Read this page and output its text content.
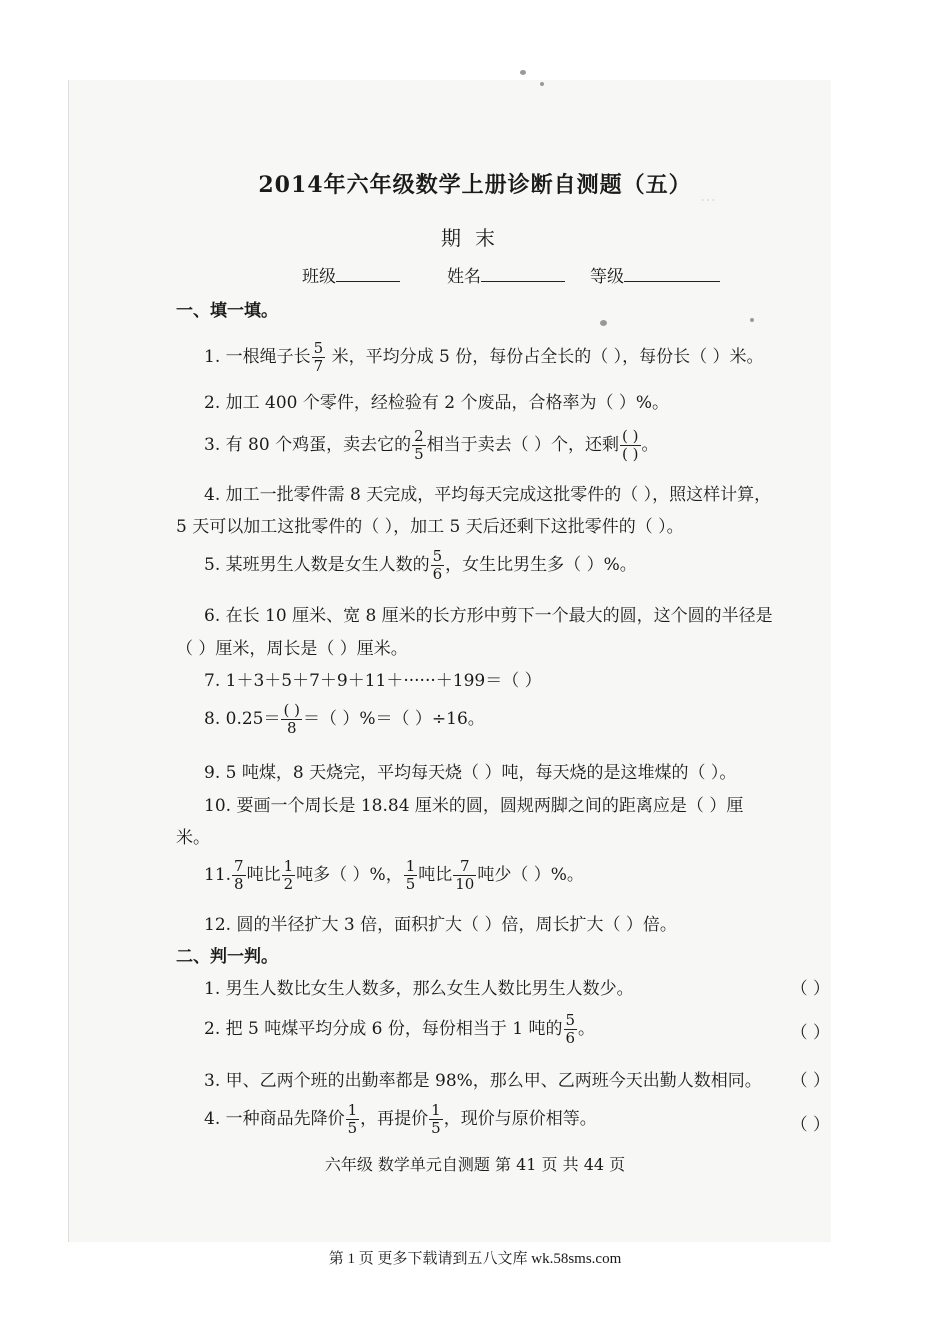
…
2014年六年级数学上册诊断自测题（五）
期末
班级	姓名	等级
一、填一填。
1. 一根绳子长 $\frac{5}{7}$ 米，平均分成 5 份，每份占全长的（ ），每份长（ ）米。
2. 加工 400 个零件，经检验有 2 个废品，合格率为（ ）%。
3. 有 80 个鸡蛋，卖去它的 $\frac{2}{5}$ 相当于卖去（ ）个，还剩 $\frac{( )}{( )}$ 。
4. 加工一批零件需 8 天完成，平均每天完成这批零件的（ ），照这样计算，
5 天可以加工这批零件的（ ），加工 5 天后还剩下这批零件的（ ）。
5. 某班男生人数是女生人数的 $\frac{5}{6}$ ，女生比男生多（ ）%。
6. 在长 10 厘米、宽 8 厘米的长方形中剪下一个最大的圆，这个圆的半径是
（ ）厘米，周长是（ ）厘米。
7. 1＋3＋5＋7＋9＋11＋······＋199＝（ ）
8. $0.25= \frac{( )}{8}$ ＝（ ）%＝（ ）÷16。
9. 5 吨煤，8 天烧完，平均每天烧（ ）吨，每天烧的是这堆煤的（ ）。
10. 要画一个周长是 18.84 厘米的圆，圆规两脚之间的距离应是（ ）厘
米。
11. $\frac{7}{8}$ 吨比 $\frac{1}{2}$ 吨多（ ）%， $\frac{1}{5}$ 吨比 $\frac{7}{10}$ 吨少（ ）%。
12. 圆的半径扩大 3 倍，面积扩大（ ）倍，周长扩大（ ）倍。
二、判一判。
1. 男生人数比女生人数多，那么女生人数比男生人数少。	（ ）
2. 把 5 吨煤平均分成 6 份，每份相当于 1 吨的 $\frac{5}{6}$ 。	（ ）
3. 甲、乙两个班的出勤率都是 98%，那么甲、乙两班今天出勤人数相同。 （ ）
4. 一种商品先降价 $\frac{1}{5}$ ，再提价 $\frac{1}{5}$ ，现价与原价相等。	（ ）
六年级 数学单元自测题 第 41 页 共 44 页
第 1 页 更多下载请到五八文库 wk.58sms.com
